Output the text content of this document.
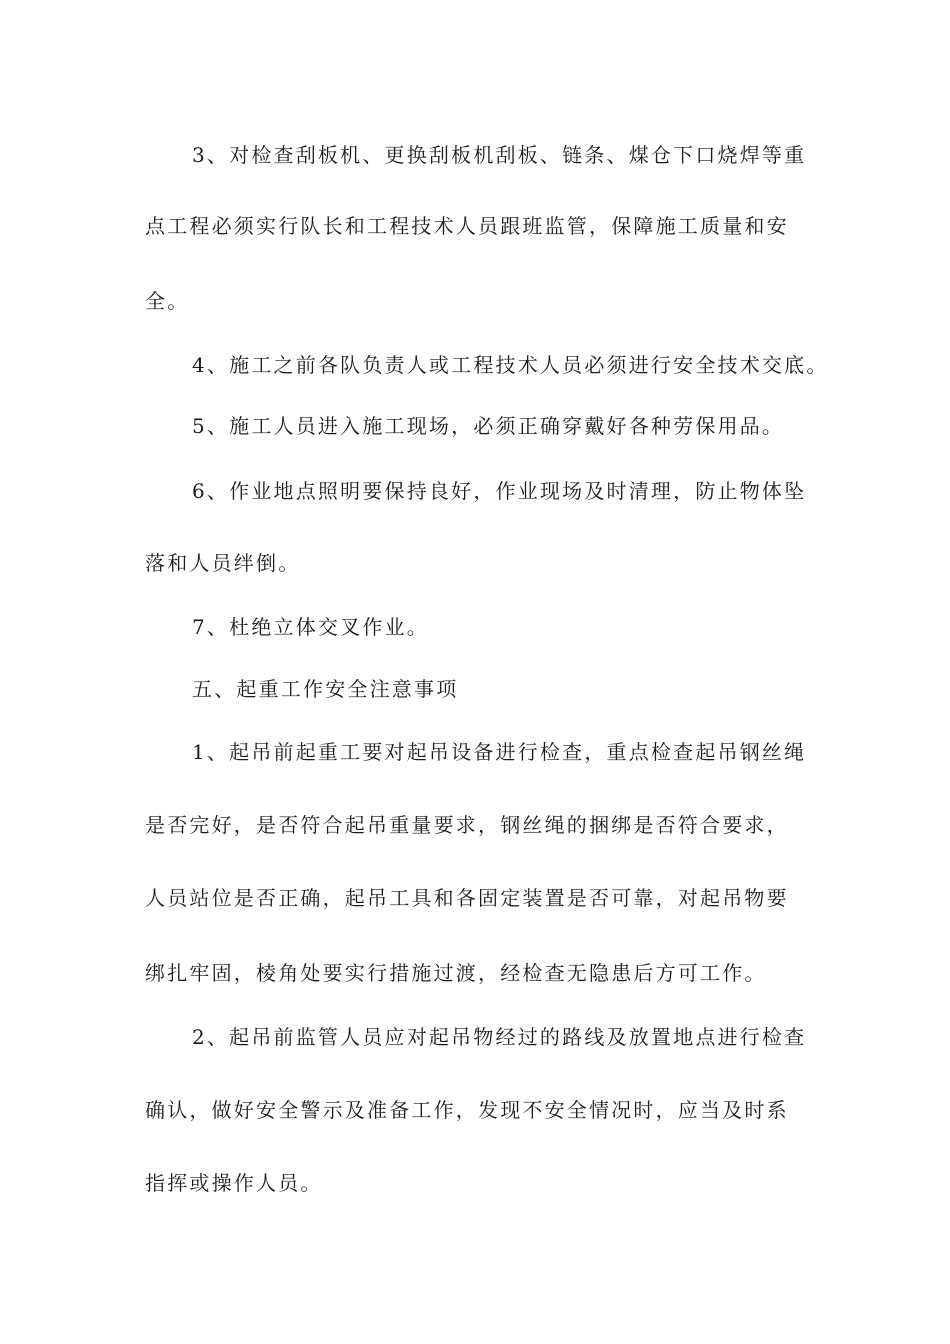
3、对检查刮板机、更换刮板机刮板、链条、煤仓下口烧焊等重
点工程必须实行队长和工程技术人员跟班监管，保障施工质量和安
全。
4、施工之前各队负责人或工程技术人员必须进行安全技术交底。
5、施工人员进入施工现场，必须正确穿戴好各种劳保用品。
6、作业地点照明要保持良好，作业现场及时清理，防止物体坠
落和人员绊倒。
7、杜绝立体交叉作业。
五、起重工作安全注意事项
1、起吊前起重工要对起吊设备进行检查，重点检查起吊钢丝绳
是否完好，是否符合起吊重量要求，钢丝绳的捆绑是否符合要求，
人员站位是否正确，起吊工具和各固定装置是否可靠，对起吊物要
绑扎牢固，棱角处要实行措施过渡，经检查无隐患后方可工作。
2、起吊前监管人员应对起吊物经过的路线及放置地点进行检查
确认，做好安全警示及准备工作，发现不安全情况时，应当及时系
指挥或操作人员。
